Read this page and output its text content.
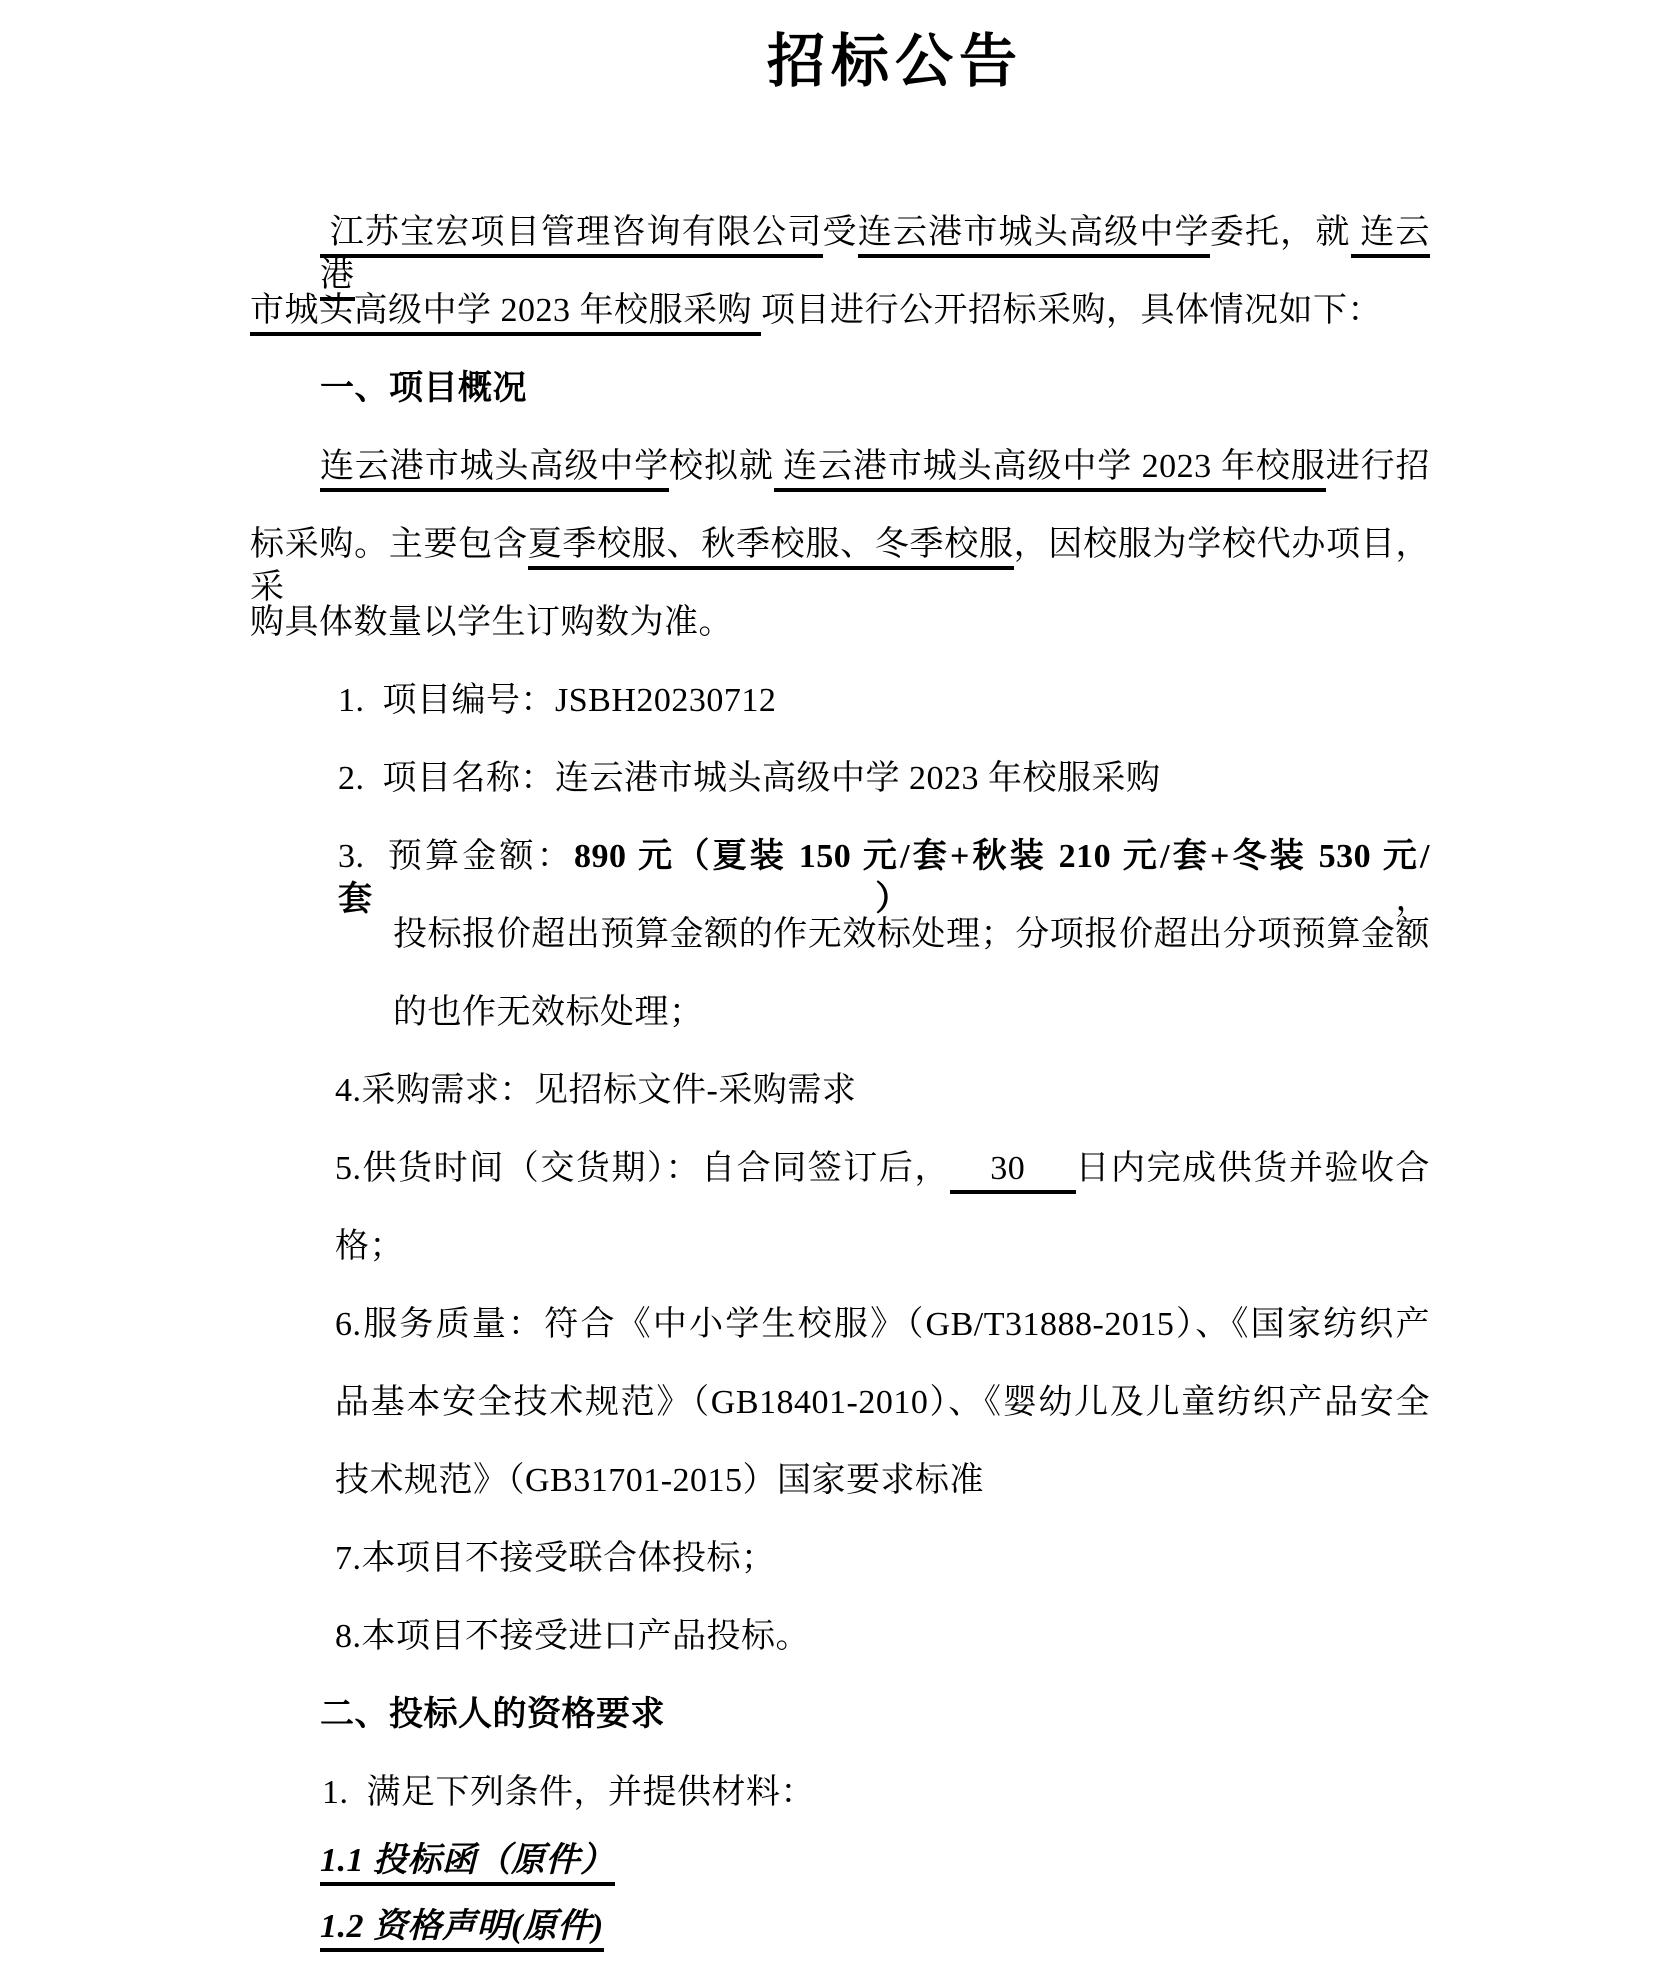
招标公告
江苏宝宏项目管理咨询有限公司受连云港市城头高级中学委托，就 连云港
市城头高级中学 2023 年校服采购 项目进行公开招标采购，具体情况如下：
一、项目概况
连云港市城头高级中学校拟就 连云港市城头高级中学 2023 年校服进行招
标采购。主要包含夏季校服、秋季校服、冬季校服，因校服为学校代办项目，采
购具体数量以学生订购数为准。
1.  项目编号：JSBH20230712
2.  项目名称：连云港市城头高级中学 2023 年校服采购
3.  预算金额：890 元（夏装 150 元/套+秋装 210 元/套+冬装 530 元/套），
投标报价超出预算金额的作无效标处理；分项报价超出分项预算金额
的也作无效标处理；
4.采购需求：见招标文件-采购需求
5.供货时间（交货期）：自合同签订后，    30     日内完成供货并验收合
格；
6.服务质量：符合《中小学生校服》（GB/T31888-2015）、《国家纺织产
品基本安全技术规范》（GB18401-2010）、《婴幼儿及儿童纺织产品安全
技术规范》（GB31701-2015）国家要求标准
7.本项目不接受联合体投标；
8.本项目不接受进口产品投标。
二、投标人的资格要求
1.  满足下列条件，并提供材料：
1.1 投标函（原件）
1.2 资格声明(原件)
